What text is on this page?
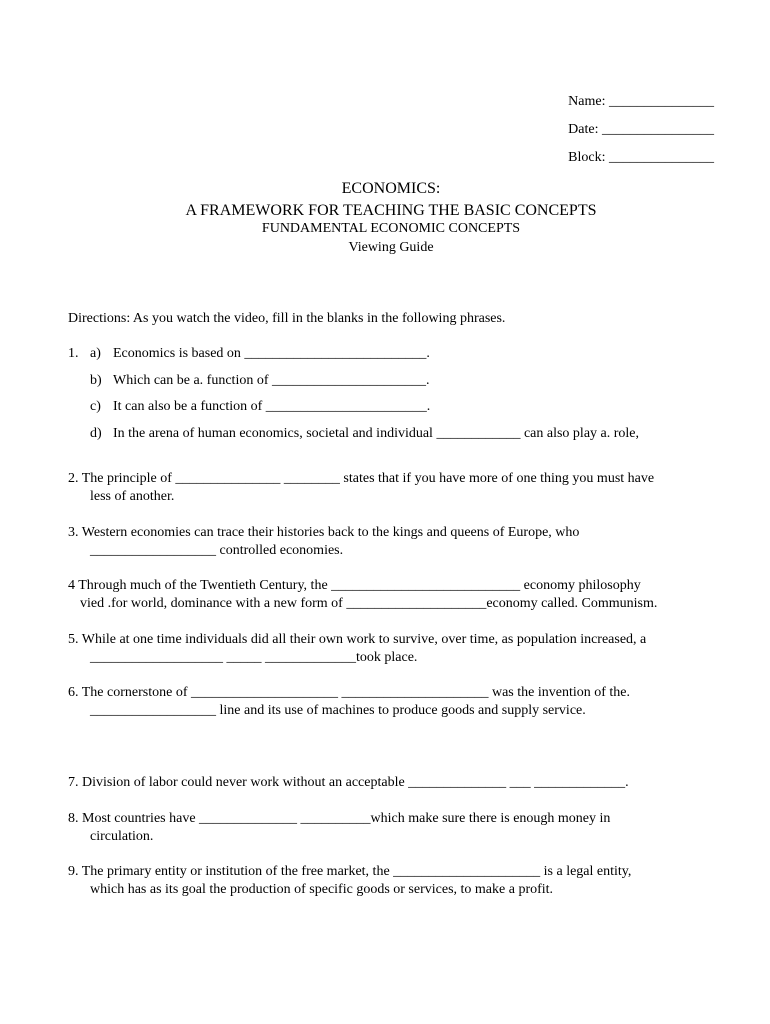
Name: _______________
Date: ________________
Block: _______________
ECONOMICS:
A FRAMEWORK FOR TEACHING THE BASIC CONCEPTS
FUNDAMENTAL ECONOMIC CONCEPTS
Viewing Guide
Directions: As you watch the video, fill in the blanks in the following phrases.
1. a) Economics is based on __________________________.
b) Which can be a. function of ______________________.
c) It can also be a function of _______________________.
d) In the arena of human economics, societal and individual ____________ can also play a. role,
2. The principle of _______________ ________ states that if you have more of one thing you must have
less of another.
3. Western economies can trace their histories back to the kings and queens of Europe, who
__________________ controlled economies.
4 Through much of the Twentieth Century, the ___________________________ economy philosophy
vied .for world, dominance with a new form of ____________________economy called. Communism.
5. While at one time individuals did all their own work to survive, over time, as population increased, a
___________________ _____ _____________took place.
6. The cornerstone of _____________________ _____________________ was the invention of the.
__________________ line and its use of machines to produce goods and supply service.
7. Division of labor could never work without an acceptable ______________ ___ _____________.
8. Most countries have ______________ __________which make sure there is enough money in
circulation.
9. The primary entity or institution of the free market, the _____________________ is a legal entity,
which has as its goal the production of specific goods or services, to make a profit.
